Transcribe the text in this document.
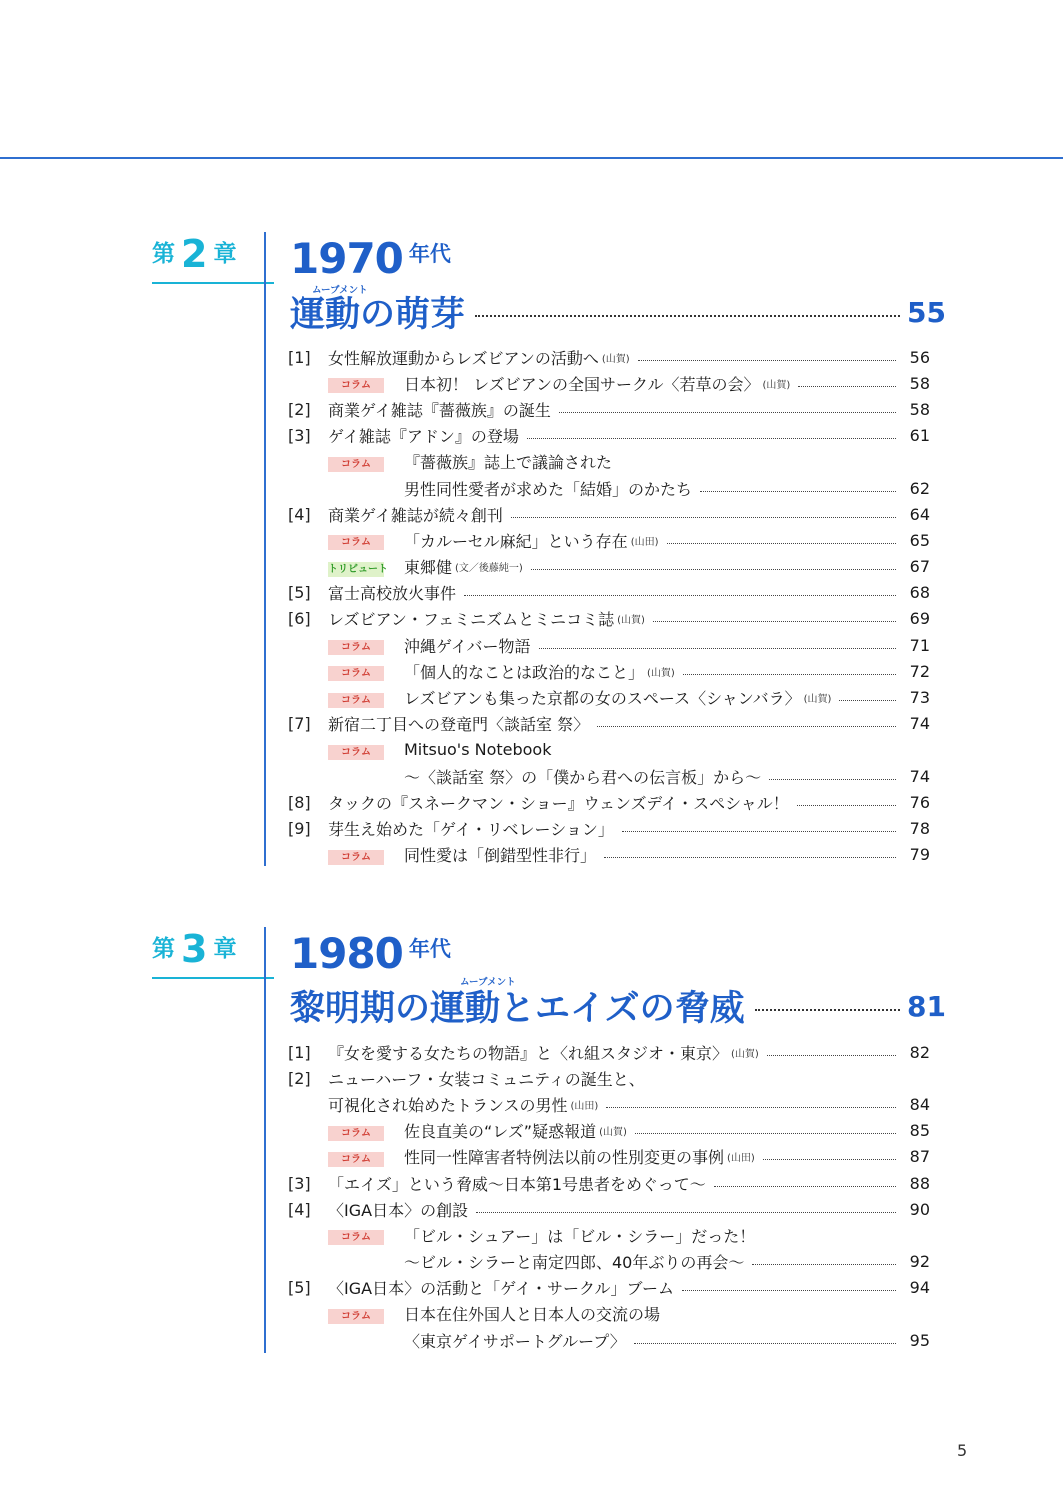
第 2 章 1970 年代
ムーブメント
運動の萌芽	55
[1]	女性解放運動からレズビアンの活動へ (山賀)	56
コラム	日本初！ レズビアンの全国サークル〈若草の会〉 (山賀)	58
[2]	商業ゲイ雑誌『薔薇族』の誕生	58
[3]	ゲイ雑誌『アドン』の登場	61
コラム	『薔薇族』誌上で議論された
男性同性愛者が求めた「結婚」のかたち	62
[4]	商業ゲイ雑誌が続々創刊	64
コラム	「カルーセル麻紀」という存在 (山田)	65
トリビュート	東郷健 (文／後藤純一)	67
[5]	富士高校放火事件	68
[6]	レズビアン・フェミニズムとミニコミ誌 (山賀)	69
コラム	沖縄ゲイバー物語	71
コラム	「個人的なことは政治的なこと」 (山賀)	72
コラム	レズビアンも集った京都の女のスペース〈シャンバラ〉 (山賀)	73
[7]	新宿二丁目への登竜門〈談話室 祭〉	74
コラム	Mitsuo's Notebook
～〈談話室 祭〉の「僕から君への伝言板」から～	74
[8]	タックの『スネークマン・ショー』ウェンズデイ・スペシャル！	76
[9]	芽生え始めた「ゲイ・リベレーション」	78
コラム	同性愛は「倒錯型性非行」	79
第 3 章 1980 年代
ムーブメント
黎明期の運動とエイズの脅威	81
[1]	『女を愛する女たちの物語』と〈れ組スタジオ・東京〉 (山賀)	82
[2]	ニューハーフ・女装コミュニティの誕生と、
可視化され始めたトランスの男性 (山田)	84
コラム	佐良直美の“レズ”疑惑報道 (山賀)	85
コラム	性同一性障害者特例法以前の性別変更の事例 (山田)	87
[3]	「エイズ」という脅威～日本第1号患者をめぐって～	88
[4]	〈IGA日本〉の創設	90
コラム	「ビル・シュアー」は「ビル・シラー」だった！
～ビル・シラーと南定四郎、40年ぶりの再会～	92
[5]	〈IGA日本〉の活動と「ゲイ・サークル」ブーム	94
コラム	日本在住外国人と日本人の交流の場
〈東京ゲイサポートグループ〉	95
5
